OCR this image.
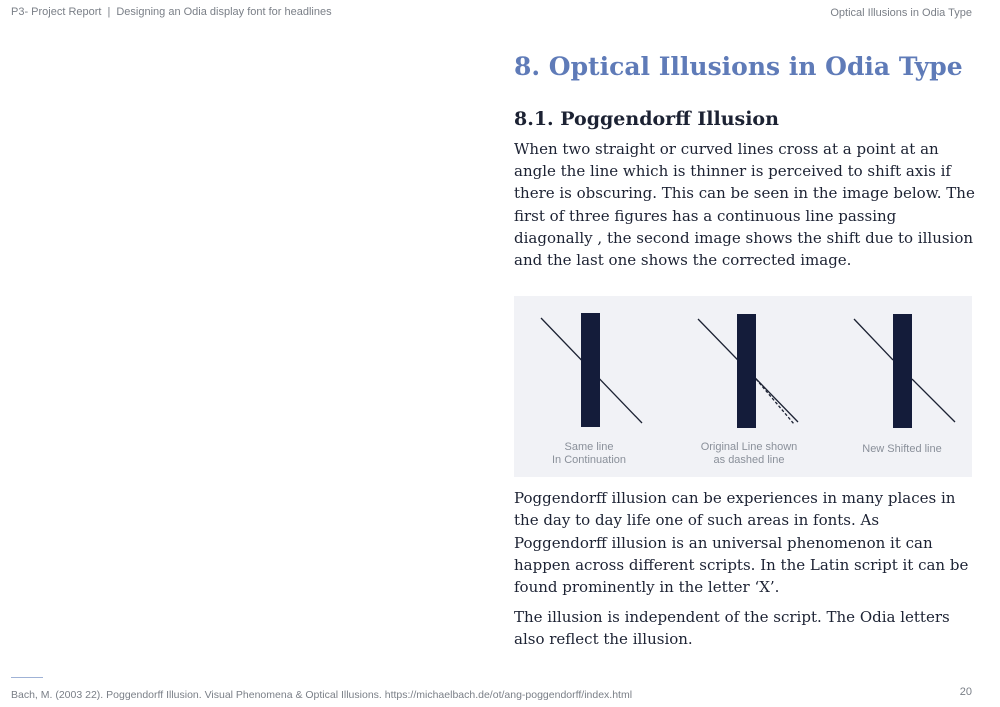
P3- Project Report | Designing an Odia display font for headlines	Optical Illusions in Odia Type
8. Optical Illusions in Odia Type
8.1. Poggendorff Illusion

When two straight or curved lines cross at a point at an angle the line which is thinner is perceived to shift axis if there is obscuring. This can be seen in the image below. The first of three figures has a continuous line passing diagonally , the second image shows the shift due to illusion and the last one shows the corrected image.

Same line
In Continuation
Original Line shown
as dashed line
New Shifted line

Poggendorff illusion can be experiences in many places in the day to day life one of such areas in fonts. As Poggendorff illusion is an universal phenomenon it can happen across different scripts. In the Latin script it can be found prominently in the letter ‘X’.

The illusion is independent of the script. The Odia letters also reflect the illusion.

Bach, M. (2003 22). Poggendorff Illusion. Visual Phenomena & Optical Illusions. https://michaelbach.de/ot/ang-poggendorff/index.html	20
